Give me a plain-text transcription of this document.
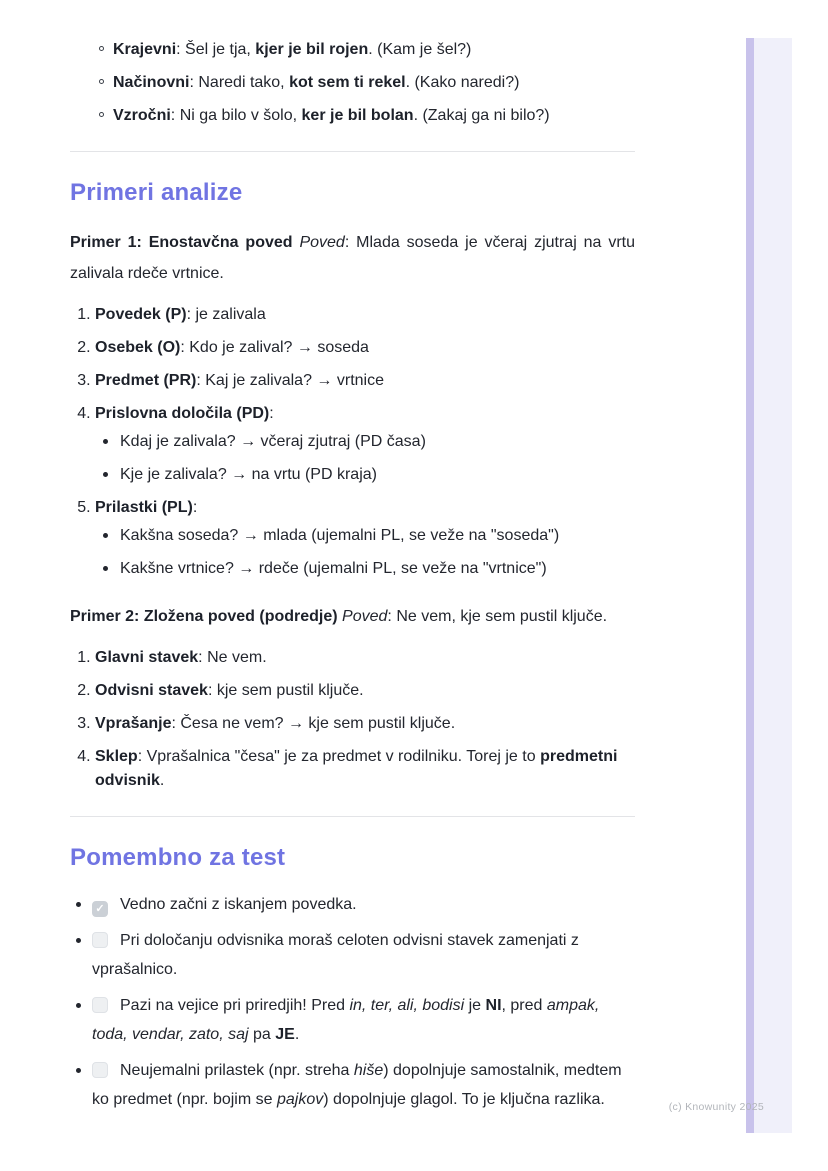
Krajevni: Šel je tja, kjer je bil rojen. (Kam je šel?)
Načinovni: Naredi tako, kot sem ti rekel. (Kako naredi?)
Vzročni: Ni ga bilo v šolo, ker je bil bolan. (Zakaj ga ni bilo?)
Primeri analize

Primer 1: Enostavčna poved Poved: Mlada soseda je včeraj zjutraj na vrtu zalivala rdeče vrtnice.

1. Povedek (P): je zalivala
2. Osebek (O): Kdo je zalival? → soseda
3. Predmet (PR): Kaj je zalivala? → vrtnice
4. Prislovna določila (PD):
Kdaj je zalivala? → včeraj zjutraj (PD časa)
Kje je zalivala? → na vrtu (PD kraja)
5. Prilastki (PL):
Kakšna soseda? → mlada (ujemalni PL, se veže na "soseda")
Kakšne vrtnice? → rdeče (ujemalni PL, se veže na "vrtnice")

Primer 2: Zložena poved (podredje) Poved: Ne vem, kje sem pustil ključe.

1. Glavni stavek: Ne vem.
2. Odvisni stavek: kje sem pustil ključe.
3. Vprašanje: Česa ne vem? → kje sem pustil ključe.
4. Sklep: Vprašalnica "česa" je za predmet v rodilniku. Torej je to predmetni odvisnik.
Pomembno za test
✓ Vedno začni z iskanjem povedka.
Pri določanju odvisnika moraš celoten odvisni stavek zamenjati z vprašalnico.
Pazi na vejice pri priredjih! Pred in, ter, ali, bodisi je NI, pred ampak, toda, vendar, zato, saj pa JE.
Neujemalni prilastek (npr. streha hiše) dopolnjuje samostalnik, medtem ko predmet (npr. bojim se pajkov) dopolnjuje glagol. To je ključna razlika.	(c) Knowunity 2025
